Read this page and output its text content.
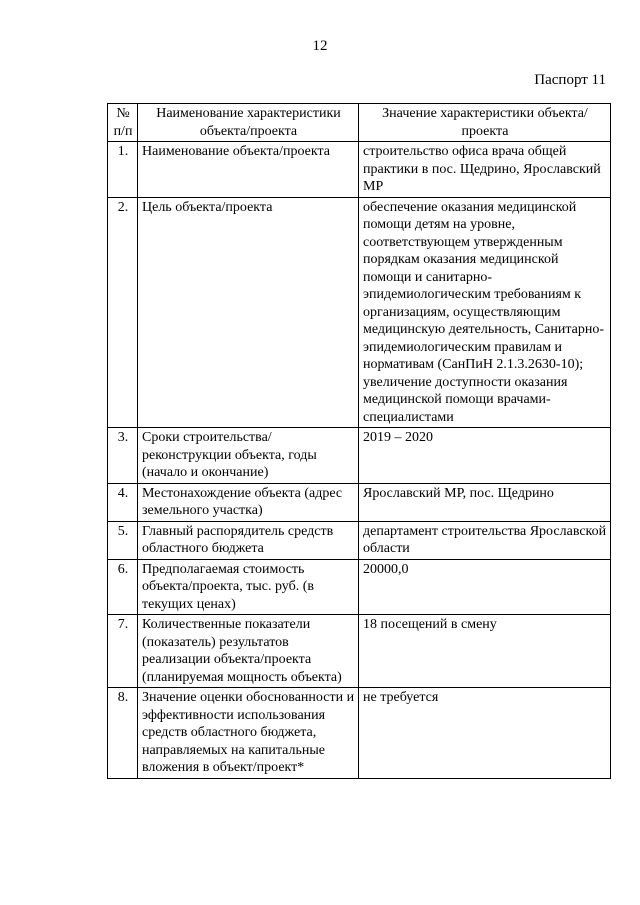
12
Паспорт 11
№ п/п	Наименование характеристики объекта/проекта	Значение характеристики объекта/проекта
1.	Наименование объекта/проекта	строительство офиса врача общей практики в пос. Щедрино, Ярославский МР
2.	Цель объекта/проекта	обеспечение оказания медицинской помощи детям на уровне, соответствующем утвержденным порядкам оказания медицинской помощи и санитарно-эпидемиологическим требованиям к организациям, осуществляющим медицинскую деятельность, Санитарно-эпидемиологическим правилам и нормативам (СанПиН 2.1.3.2630-10); увеличение доступности оказания медицинской помощи врачами-специалистами
3.	Сроки строительства/реконструкции объекта, годы (начало и окончание)	2019 – 2020
4.	Местонахождение объекта (адрес земельного участка)	Ярославский МР, пос. Щедрино
5.	Главный распорядитель средств областного бюджета	департамент строительства Ярославской области
6.	Предполагаемая стоимость объекта/проекта, тыс. руб. (в текущих ценах)	20000,0
7.	Количественные показатели (показатель) результатов реализации объекта/проекта (планируемая мощность объекта)	18 посещений в смену
8.	Значение оценки обоснованности и эффективности использования средств областного бюджета, направляемых на капитальные вложения в объект/проект*	не требуется
